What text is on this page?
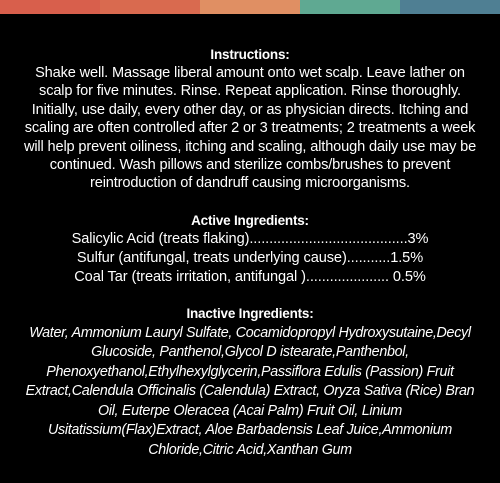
Instructions:

Shake well. Massage liberal amount onto wet scalp. Leave lather on scalp for five minutes. Rinse. Repeat application. Rinse thoroughly. Initially, use daily, every other day, or as physician directs. Itching and scaling are often controlled after 2 or 3 treatments; 2 treatments a week will help prevent oiliness, itching and scaling, although daily use may be continued. Wash pillows and sterilize combs/brushes to prevent reintroduction of dandruff causing microorganisms.

Active Ingredients:
Salicylic Acid (treats flaking)........................................3%
Sulfur (antifungal, treats underlying cause)...........1.5%
Coal Tar (treats irritation, antifungal )..................... 0.5%
Inactive Ingredients:

Water, Ammonium Lauryl Sulfate, Cocamidopropyl Hydroxysutaine,Decyl Glucoside, Panthenol,Glycol D istearate,Panthenbol, Phenoxyethanol,Ethylhexylglycerin,Passiflora Edulis (Passion) Fruit Extract,Calendula Officinalis (Calendula) Extract, Oryza Sativa (Rice) Bran Oil, Euterpe Oleracea (Acai Palm) Fruit Oil, Linium Usitatissium(Flax)Extract, Aloe Barbadensis Leaf Juice,Ammonium Chloride,Citric Acid,Xanthan Gum
